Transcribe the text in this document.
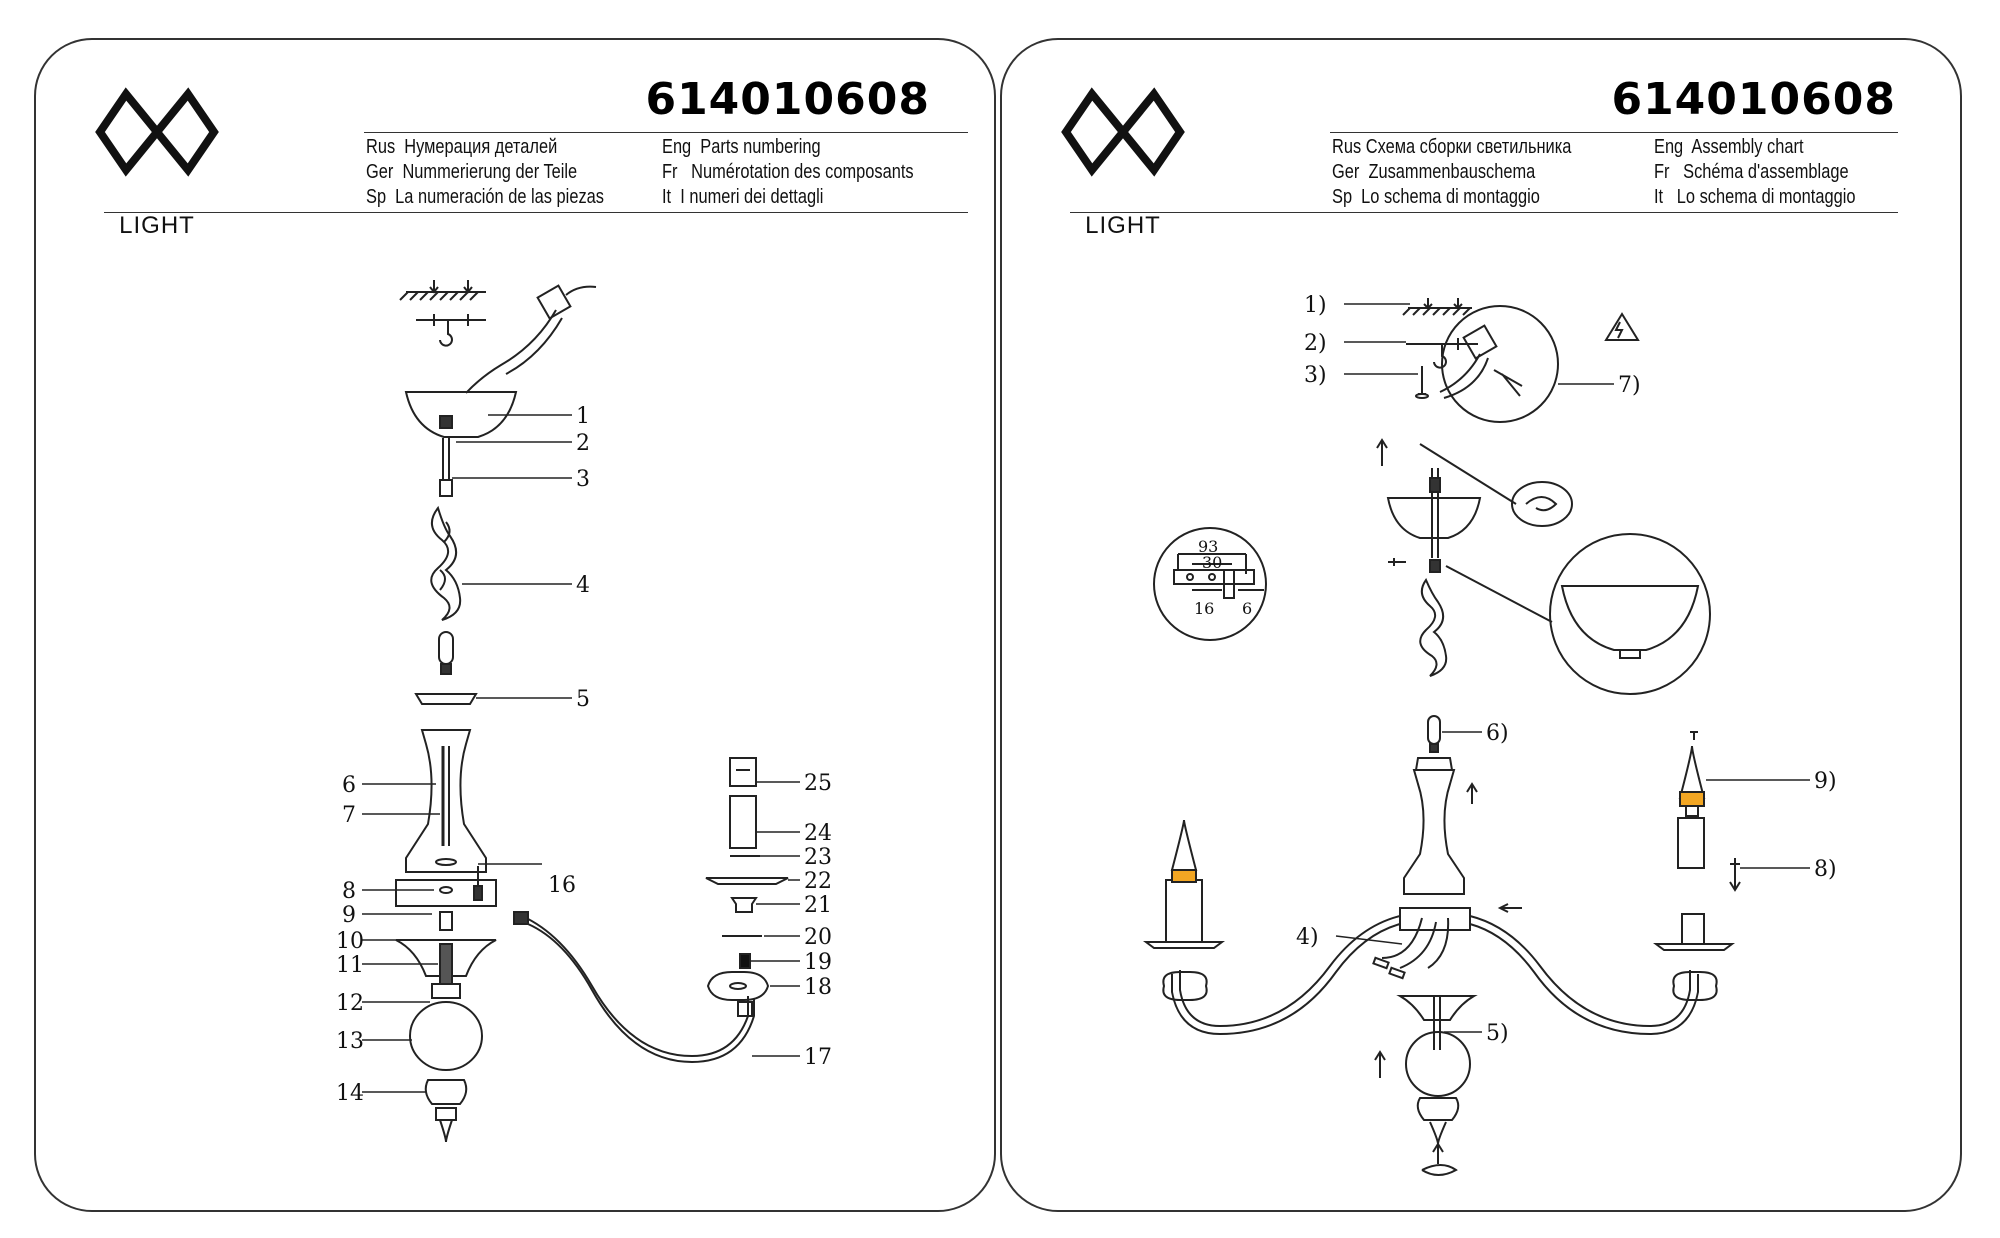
LIGHT
614010608
Rus Нумерация деталей	Eng Parts numbering
Ger Nummerierung der Teile	Fr Numérotation des composants
Sp La numeración de las piezas	It I numeri dei dettagli
1
2
3
4
5
6
7
8
9
10
11
12
13
14
16
17
18
19
20
21
22
23
24
25
LIGHT
614010608
Rus Схема сборки светильника	Eng Assembly chart
Ger Zusammenbauschema	Fr Schéma d'assemblage
Sp Lo schema di montaggio	It Lo schema di montaggio
1)
2)
3)
4)
5)
6)
7)
8)
9)
93
30
16 6
